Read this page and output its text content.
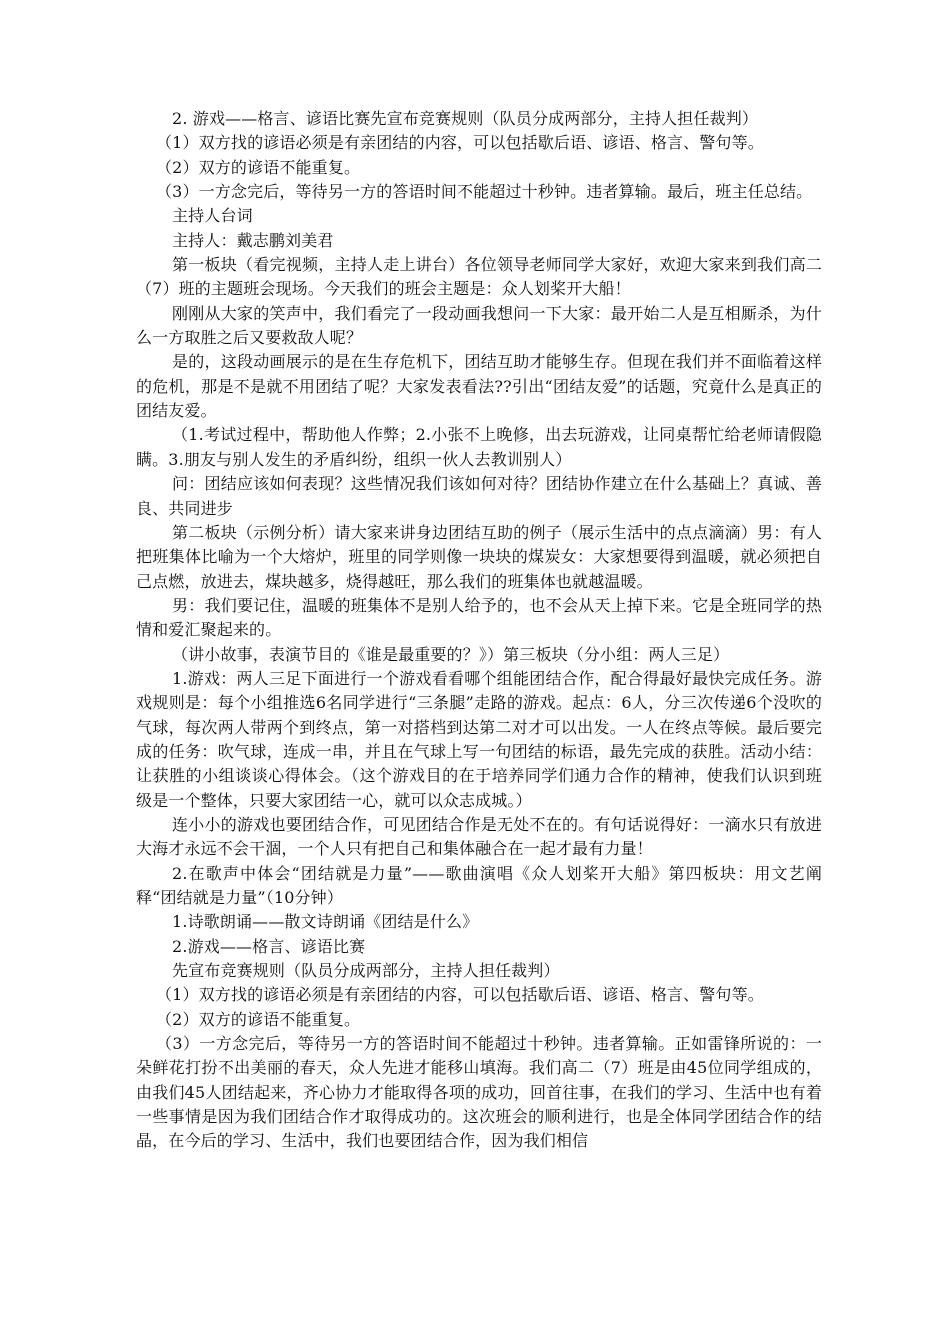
2. 游戏——格言、谚语比赛先宣布竞赛规则（队员分成两部分，主持人担任裁判）

（1）双方找的谚语必须是有亲团结的内容，可以包括歇后语、谚语、格言、警句等。

（2）双方的谚语不能重复。

（3）一方念完后，等待另一方的答语时间不能超过十秒钟。违者算输。最后，班主任总结。

主持人台词

主持人：戴志鹏刘美君

第一板块（看完视频，主持人走上讲台）各位领导老师同学大家好，欢迎大家来到我们高二（7）班的主题班会现场。今天我们的班会主题是：众人划桨开大船！

刚刚从大家的笑声中，我们看完了一段动画我想问一下大家：最开始二人是互相厮杀，为什么一方取胜之后又要救敌人呢？

是的，这段动画展示的是在生存危机下，团结互助才能够生存。但现在我们并不面临着这样的危机，那是不是就不用团结了呢？大家发表看法??引出“团结友爱”的话题，究竟什么是真正的团结友爱。

（1.考试过程中，帮助他人作弊；2.小张不上晚修，出去玩游戏，让同桌帮忙给老师请假隐瞒。3.朋友与别人发生的矛盾纠纷，组织一伙人去教训别人）

问：团结应该如何表现？这些情况我们该如何对待？团结协作建立在什么基础上？真诚、善良、共同进步

第二板块（示例分析）请大家来讲身边团结互助的例子（展示生活中的点点滴滴）男：有人把班集体比喻为一个大熔炉，班里的同学则像一块块的煤炭女：大家想要得到温暖，就必须把自己点燃，放进去，煤块越多，烧得越旺，那么我们的班集体也就越温暖。

男：我们要记住，温暖的班集体不是别人给予的，也不会从天上掉下来。它是全班同学的热情和爱汇聚起来的。

（讲小故事，表演节目的《谁是最重要的？》）第三板块（分小组：两人三足）

1.游戏：两人三足下面进行一个游戏看看哪个组能团结合作，配合得最好最快完成任务。游戏规则是：每个小组推选6名同学进行“三条腿”走路的游戏。起点：6人，分三次传递6个没吹的气球，每次两人带两个到终点，第一对搭档到达第二对才可以出发。一人在终点等候。最后要完成的任务：吹气球，连成一串，并且在气球上写一句团结的标语，最先完成的获胜。活动小结：让获胜的小组谈谈心得体会。（这个游戏目的在于培养同学们通力合作的精神，使我们认识到班级是一个整体，只要大家团结一心，就可以众志成城。）

连小小的游戏也要团结合作，可见团结合作是无处不在的。有句话说得好：一滴水只有放进大海才永远不会干涸，一个人只有把自己和集体融合在一起才最有力量！

2.在歌声中体会“团结就是力量”——歌曲演唱《众人划桨开大船》第四板块：用文艺阐释“团结就是力量”（10分钟）

1.诗歌朗诵——散文诗朗诵《团结是什么》

2.游戏——格言、谚语比赛

先宣布竞赛规则（队员分成两部分，主持人担任裁判）

（1）双方找的谚语必须是有亲团结的内容，可以包括歇后语、谚语、格言、警句等。

（2）双方的谚语不能重复。

（3）一方念完后，等待另一方的答语时间不能超过十秒钟。违者算输。正如雷锋所说的：一朵鲜花打扮不出美丽的春天，众人先进才能移山填海。我们高二（7）班是由45位同学组成的，由我们45人团结起来，齐心协力才能取得各项的成功，回首往事，在我们的学习、生活中也有着一些事情是因为我们团结合作才取得成功的。这次班会的顺利进行，也是全体同学团结合作的结晶，在今后的学习、生活中，我们也要团结合作，因为我们相信
